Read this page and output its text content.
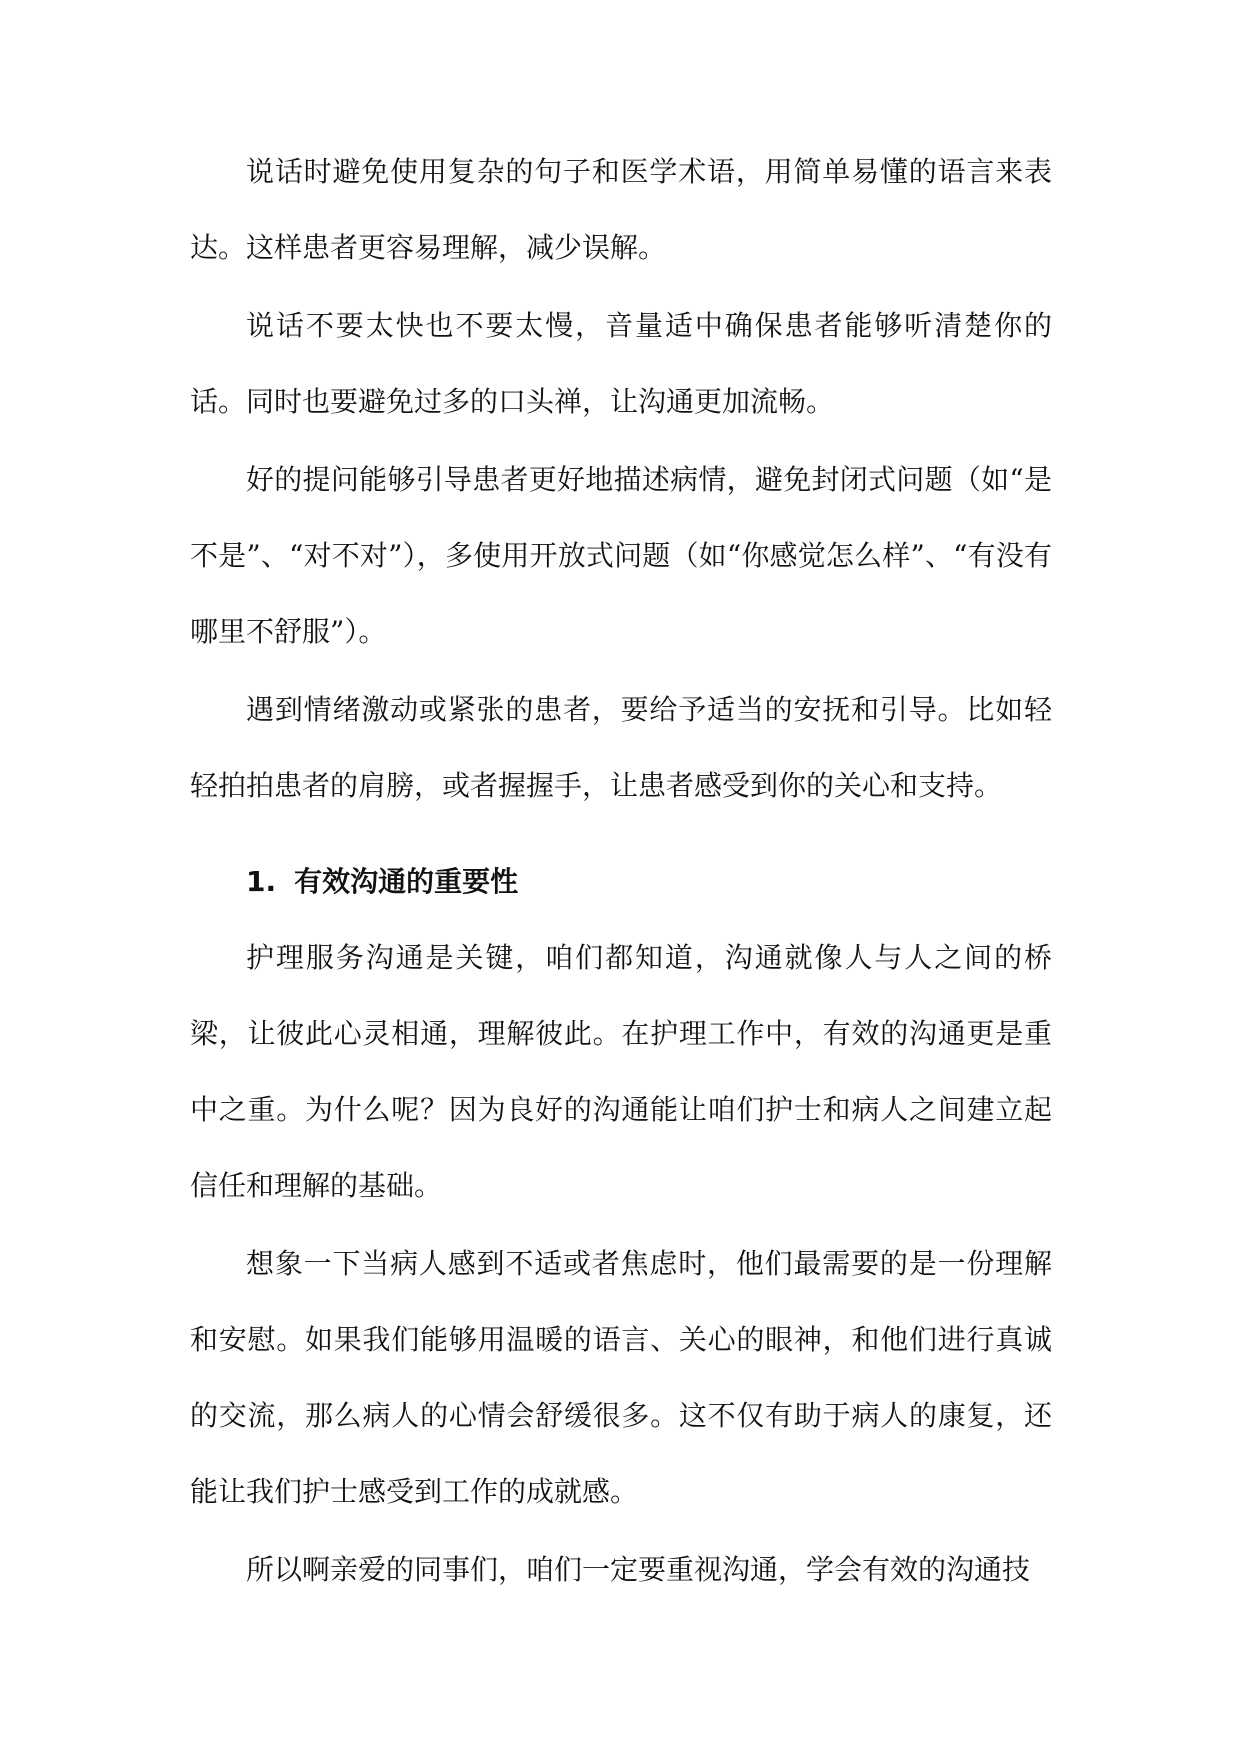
说话时避免使用复杂的句子和医学术语，用简单易懂的语言来表达。这样患者更容易理解，减少误解。

说话不要太快也不要太慢，音量适中确保患者能够听清楚你的话。同时也要避免过多的口头禅，让沟通更加流畅。

好的提问能够引导患者更好地描述病情，避免封闭式问题（如“是不是”、“对不对”），多使用开放式问题（如“你感觉怎么样”、“有没有哪里不舒服”）。

遇到情绪激动或紧张的患者，要给予适当的安抚和引导。比如轻轻拍拍患者的肩膀，或者握握手，让患者感受到你的关心和支持。

1. 有效沟通的重要性

护理服务沟通是关键，咱们都知道，沟通就像人与人之间的桥梁，让彼此心灵相通，理解彼此。在护理工作中，有效的沟通更是重中之重。为什么呢？因为良好的沟通能让咱们护士和病人之间建立起信任和理解的基础。

想象一下当病人感到不适或者焦虑时，他们最需要的是一份理解和安慰。如果我们能够用温暖的语言、关心的眼神，和他们进行真诚的交流，那么病人的心情会舒缓很多。这不仅有助于病人的康复，还能让我们护士感受到工作的成就感。

所以啊亲爱的同事们，咱们一定要重视沟通，学会有效的沟通技
